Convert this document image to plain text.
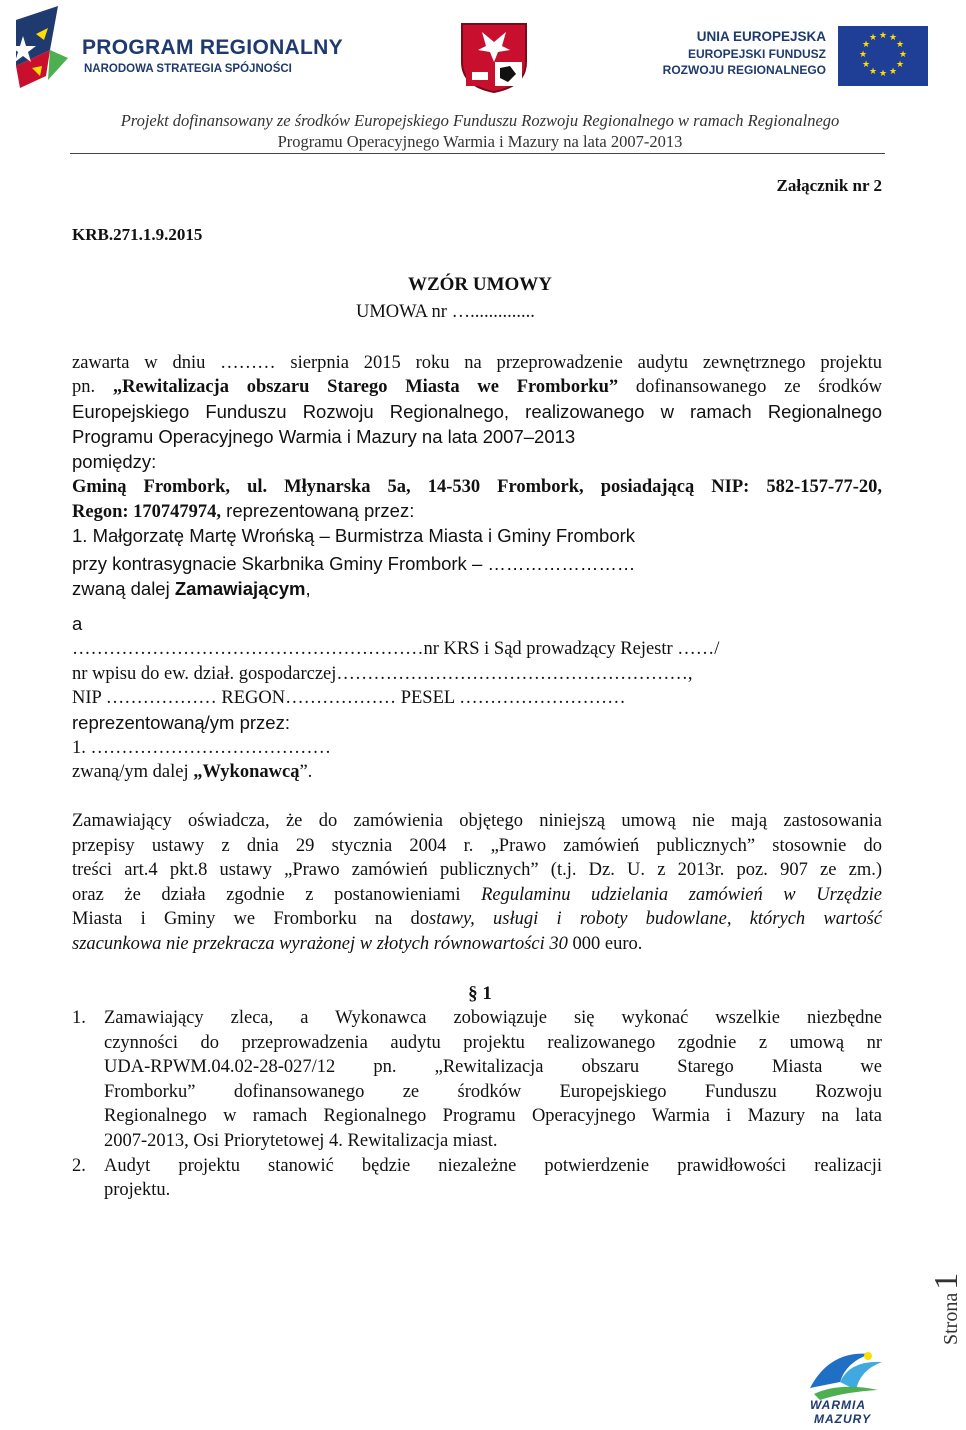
PROGRAM REGIONALNY
NARODOWA STRATEGIA SPÓJNOŚCI
UNIA EUROPEJSKA
EUROPEJSKI FUNDUSZ
ROZWOJU REGIONALNEGO
★ ★
★
★
★
★
★
★
★
★
★
★
Projekt dofinansowany ze środków Europejskiego Funduszu Rozwoju Regionalnego w ramach Regionalnego
Programu Operacyjnego Warmia i Mazury na lata 2007-2013
Załącznik nr 2
KRB.271.1.9.2015
WZÓR UMOWY
UMOWA nr …..............
zawarta w dniu ……… sierpnia 2015 roku na przeprowadzenie audytu zewnętrznego projektu
pn. „Rewitalizacja obszaru Starego Miasta we Fromborku” dofinansowanego ze środków
Europejskiego Funduszu Rozwoju Regionalnego, realizowanego w ramach Regionalnego
Programu Operacyjnego Warmia i Mazury na lata 2007–2013
pomiędzy:
Gminą Frombork, ul. Młynarska 5a, 14-530 Frombork, posiadającą NIP: 582-157-77-20,
Regon: 170747974, reprezentowaną przez:
1. Małgorzatę Martę Wrońską – Burmistrza Miasta i Gminy Frombork
przy kontrasygnacie Skarbnika Gminy Frombork – ……………………
zwaną dalej Zamawiającym,
a
…………………………………………………nr KRS i Sąd prowadzący Rejestr ……/
nr wpisu do ew. dział. gospodarczej…………………………………………………,
NIP ……………… REGON……………… PESEL ………………………
reprezentowaną/ym przez:
1. …………………………………
zwaną/ym dalej „Wykonawcą”.
Zamawiający oświadcza, że do zamówienia objętego niniejszą umową nie mają zastosowania
przepisy ustawy z dnia 29 stycznia 2004 r. „Prawo zamówień publicznych” stosownie do
treści art.4 pkt.8 ustawy „Prawo zamówień publicznych” (t.j. Dz. U. z 2013r. poz. 907 ze zm.)
oraz że działa zgodnie z postanowieniami Regulaminu udzielania zamówień w Urzędzie
Miasta i Gminy we Fromborku na dostawy, usługi i roboty budowlane, których wartość
szacunkowa nie przekracza wyrażonej w złotych równowartości 30 000 euro.
§ 1
1. Zamawiający zleca, a Wykonawca zobowiązuje się wykonać wszelkie niezbędne
czynności do przeprowadzenia audytu projektu realizowanego zgodnie z umową nr
UDA-RPWM.04.02-28-027/12 pn. „Rewitalizacja obszaru Starego Miasta we
Fromborku” dofinansowanego ze środków Europejskiego Funduszu Rozwoju
Regionalnego w ramach Regionalnego Programu Operacyjnego Warmia i Mazury na lata
2007-2013, Osi Priorytetowej 4. Rewitalizacja miast.
2. Audyt projektu stanowić będzie niezależne potwierdzenie prawidłowości realizacji
projektu.
Strona1
WARMIA
MAZURY
